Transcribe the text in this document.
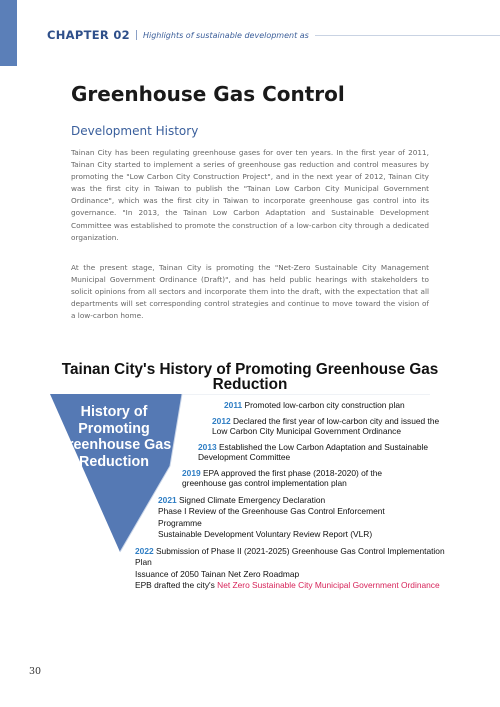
CHAPTER 02 Highlights of sustainable development as
Greenhouse Gas Control
Development History

Tainan City has been regulating greenhouse gases for over ten years. In the first year of 2011, Tainan City started to implement a series of greenhouse gas reduction and control measures by promoting the "Low Carbon City Construction Project", and in the next year of 2012, Tainan City was the first city in Taiwan to publish the "Tainan Low Carbon City Municipal Government Ordinance", which was the first city in Taiwan to incorporate greenhouse gas control into its governance. "In 2013, the Tainan Low Carbon Adaptation and Sustainable Development Committee was established to promote the construction of a low-carbon city through a dedicated organization.

At the present stage, Tainan City is promoting the "Net-Zero Sustainable City Management Municipal Government Ordinance (Draft)", and has held public hearings with stakeholders to solicit opinions from all sectors and incorporate them into the draft, with the expectation that all departments will set corresponding control strategies and continue to move toward the vision of a low-carbon home.

Tainan City's History of Promoting Greenhouse Gas Reduction
History of Promoting Greenhouse Gas Reduction
2011 Promoted low-carbon city construction plan
2012 Declared the first year of low-carbon city and issued the
Low Carbon City Municipal Government Ordinance
2013 Established the Low Carbon Adaptation and Sustainable
Development Committee
2019 EPA approved the first phase (2018-2020) of the
greenhouse gas control implementation plan
2021 Signed Climate Emergency Declaration
Phase I Review of the Greenhouse Gas Control Enforcement
Programme
Sustainable Development Voluntary Review Report (VLR)
2022 Submission of Phase II (2021-2025) Greenhouse Gas Control Implementation
Plan
Issuance of 2050 Tainan Net Zero Roadmap
EPB drafted the city's Net Zero Sustainable City Municipal Government Ordinance
30
